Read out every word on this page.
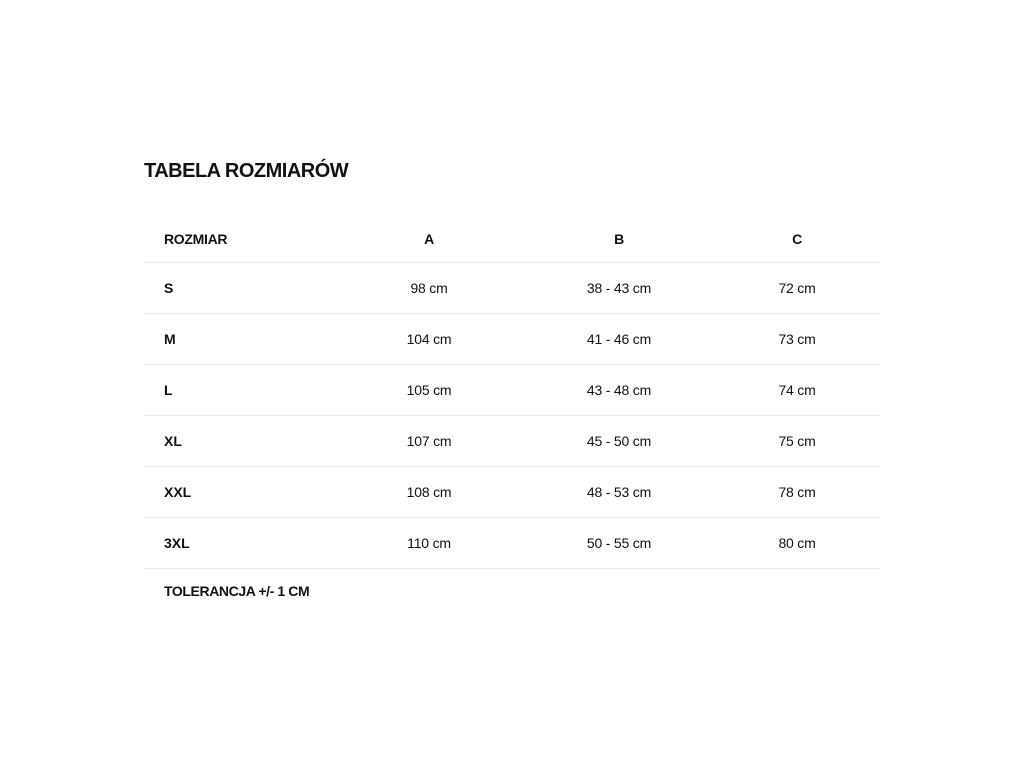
TABELA ROZMIARÓW
ROZMIAR	A	B	C
S	98 cm	38 - 43 cm	72 cm
M	104 cm	41 - 46 cm	73 cm
L	105 cm	43 - 48 cm	74 cm
XL	107 cm	45 - 50 cm	75 cm
XXL	108 cm	48 - 53 cm	78 cm
3XL	110 cm	50 - 55 cm	80 cm
TOLERANCJA +/- 1 CM
